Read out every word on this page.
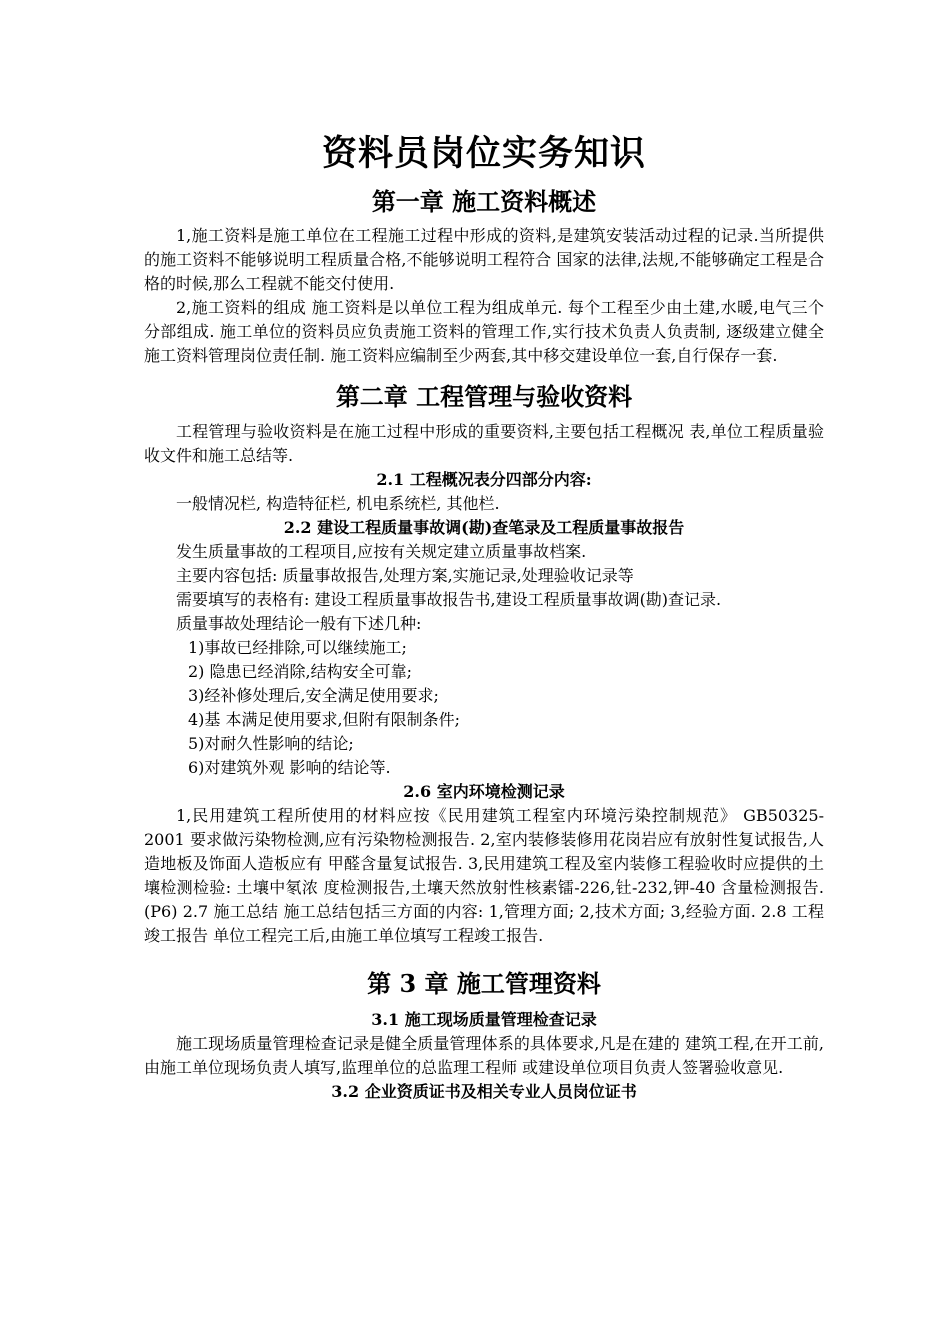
资料员岗位实务知识
第一章 施工资料概述

1,施工资料是施工单位在工程施工过程中形成的资料,是建筑安装活动过程的记录.当所提供的施工资料不能够说明工程质量合格,不能够说明工程符合 国家的法律,法规,不能够确定工程是合格的时候,那么工程就不能交付使用.

2,施工资料的组成 施工资料是以单位工程为组成单元. 每个工程至少由土建,水暖,电气三个分部组成. 施工单位的资料员应负责施工资料的管理工作,实行技术负责人负责制, 逐级建立健全施工资料管理岗位责任制. 施工资料应编制至少两套,其中移交建设单位一套,自行保存一套.

第二章 工程管理与验收资料

工程管理与验收资料是在施工过程中形成的重要资料,主要包括工程概况 表,单位工程质量验收文件和施工总结等.

2.1 工程概况表分四部分内容:

一般情况栏, 构造特征栏, 机电系统栏, 其他栏.

2.2 建设工程质量事故调(勘)查笔录及工程质量事故报告

发生质量事故的工程项目,应按有关规定建立质量事故档案.

主要内容包括: 质量事故报告,处理方案,实施记录,处理验收记录等

需要填写的表格有: 建设工程质量事故报告书,建设工程质量事故调(勘)查记录.

质量事故处理结论一般有下述几种:

1)事故已经排除,可以继续施工;

2) 隐患已经消除,结构安全可靠;

3)经补修处理后,安全满足使用要求;

4)基 本满足使用要求,但附有限制条件;

5)对耐久性影响的结论;

6)对建筑外观 影响的结论等.

2.6 室内环境检测记录

1,民用建筑工程所使用的材料应按《民用建筑工程室内环境污染控制规范》 GB50325-2001 要求做污染物检测,应有污染物检测报告. 2,室内装修装修用花岗岩应有放射性复试报告,人造地板及饰面人造板应有 甲醛含量复试报告. 3,民用建筑工程及室内装修工程验收时应提供的土壤检测检验: 土壤中氡浓 度检测报告,土壤天然放射性核素镭-226,钍-232,钾-40 含量检测报告. (P6) 2.7 施工总结 施工总结包括三方面的内容: 1,管理方面; 2,技术方面; 3,经验方面. 2.8 工程竣工报告 单位工程完工后,由施工单位填写工程竣工报告.

第 3 章 施工管理资料
3.1 施工现场质量管理检查记录

施工现场质量管理检查记录是健全质量管理体系的具体要求,凡是在建的 建筑工程,在开工前,由施工单位现场负责人填写,监理单位的总监理工程师 或建设单位项目负责人签署验收意见.

3.2 企业资质证书及相关专业人员岗位证书
